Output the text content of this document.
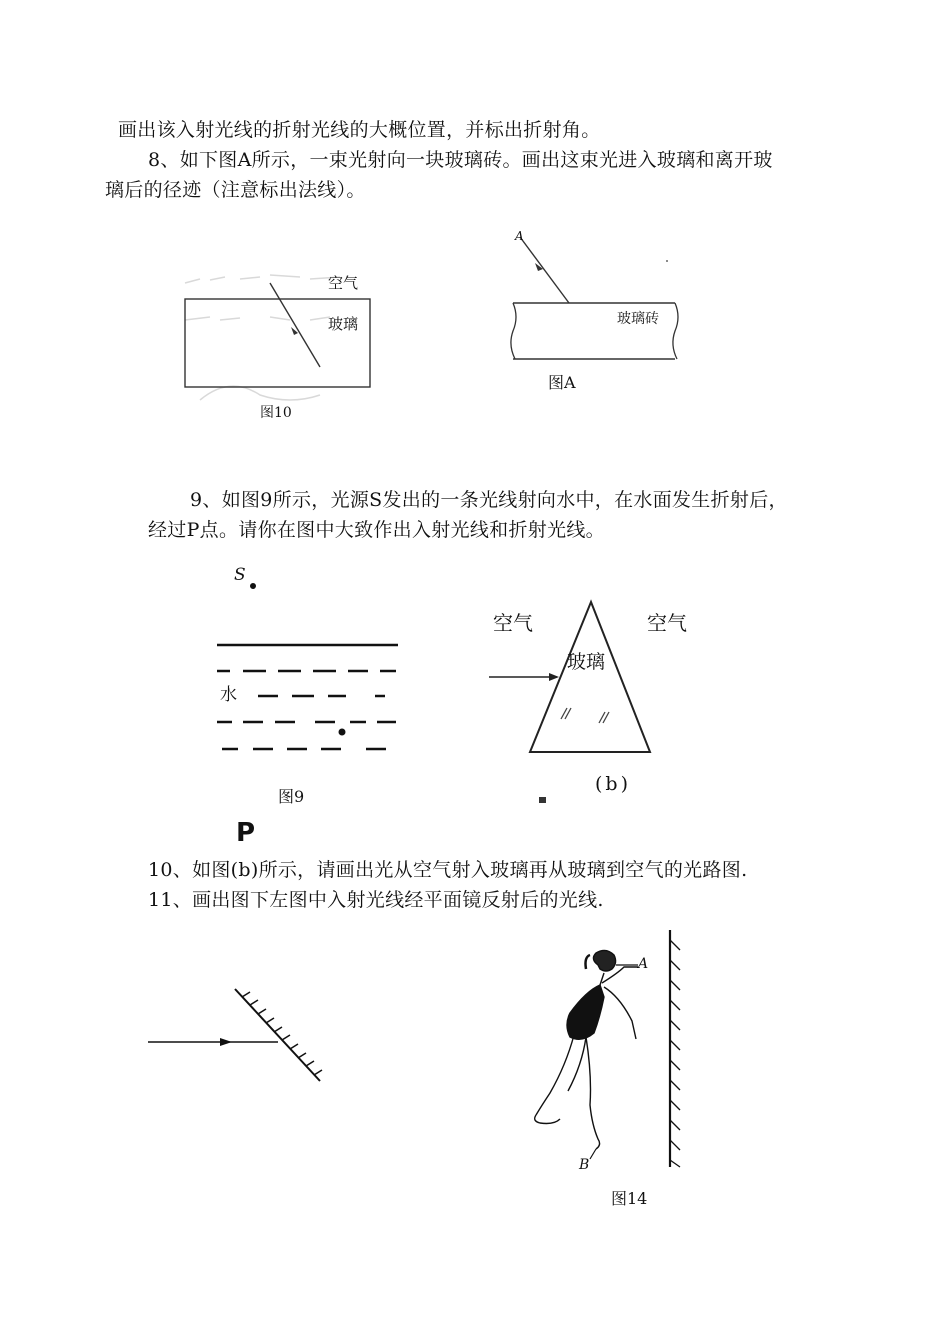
画出该入射光线的折射光线的大概位置，并标出折射角。
8、如下图A所示，一束光射向一块玻璃砖。画出这束光进入玻璃和离开玻
璃后的径迹（注意标出法线）。
9、如图9所示，光源S发出的一条光线射向水中，在水面发生折射后，
经过P点。请你在图中大致作出入射光线和折射光线。
10、如图(b)所示，请画出光从空气射入玻璃再从玻璃到空气的光路图.
11、画出图下左图中入射光线经平面镜反射后的光线.
空气
玻璃
图10
A
玻璃砖
图A
S
水
图9
P
空气	空气
玻璃
(b)
A
B
图14
